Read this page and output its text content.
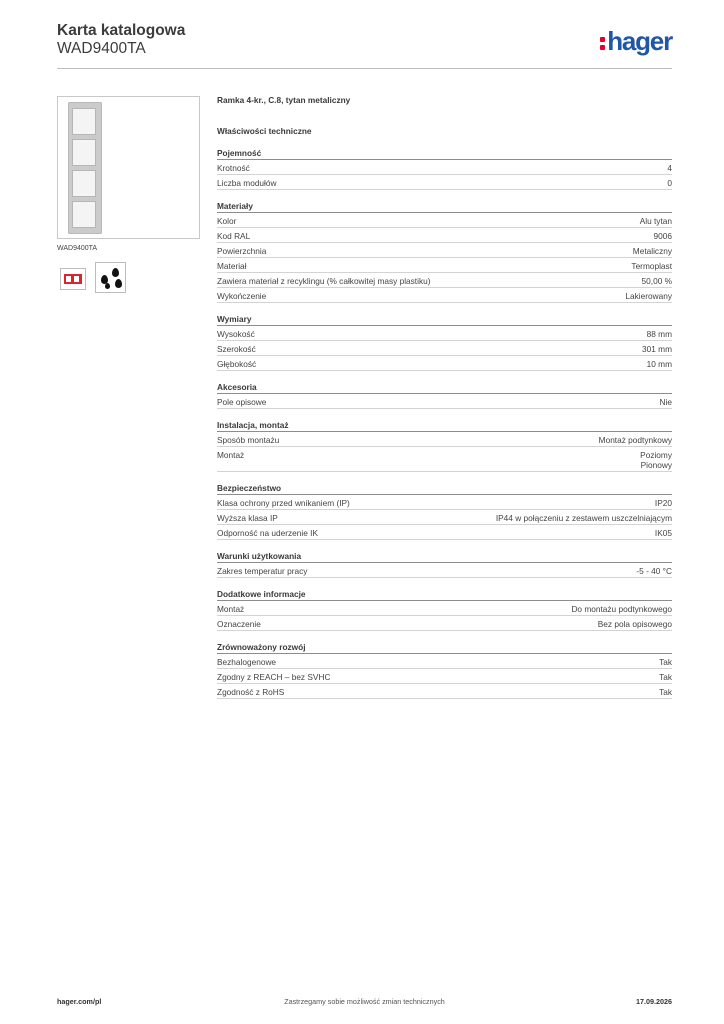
Karta katalogowa
WAD9400TA	hager
WAD9400TA
Ramka 4-kr., C.8, tytan metaliczny
Właściwości techniczne
Pojemność
Krotność	4
Liczba modułów	0
Materiały
Kolor	Alu tytan
Kod RAL	9006
Powierzchnia	Metaliczny
Materiał	Termoplast
Zawiera materiał z recyklingu (% całkowitej masy plastiku)	50,00 %
Wykończenie	Lakierowany
Wymiary
Wysokość	88 mm
Szerokość	301 mm
Głębokość	10 mm
Akcesoria
Pole opisowe	Nie
Instalacja, montaż
Sposób montażu	Montaż podtynkowy
Montaż	Poziomy
Pionowy
Bezpieczeństwo
Klasa ochrony przed wnikaniem (IP)	IP20
Wyższa klasa IP	IP44 w połączeniu z zestawem uszczelniającym
Odporność na uderzenie IK	IK05
Warunki użytkowania
Zakres temperatur pracy	-5 - 40 °C
Dodatkowe informacje
Montaż	Do montażu podtynkowego
Oznaczenie	Bez pola opisowego
Zrównoważony rozwój
Bezhalogenowe	Tak
Zgodny z REACH – bez SVHC	Tak
Zgodność z RoHS	Tak
hager.com/pl	Zastrzegamy sobie możliwość zmian technicznych	17.09.2026
